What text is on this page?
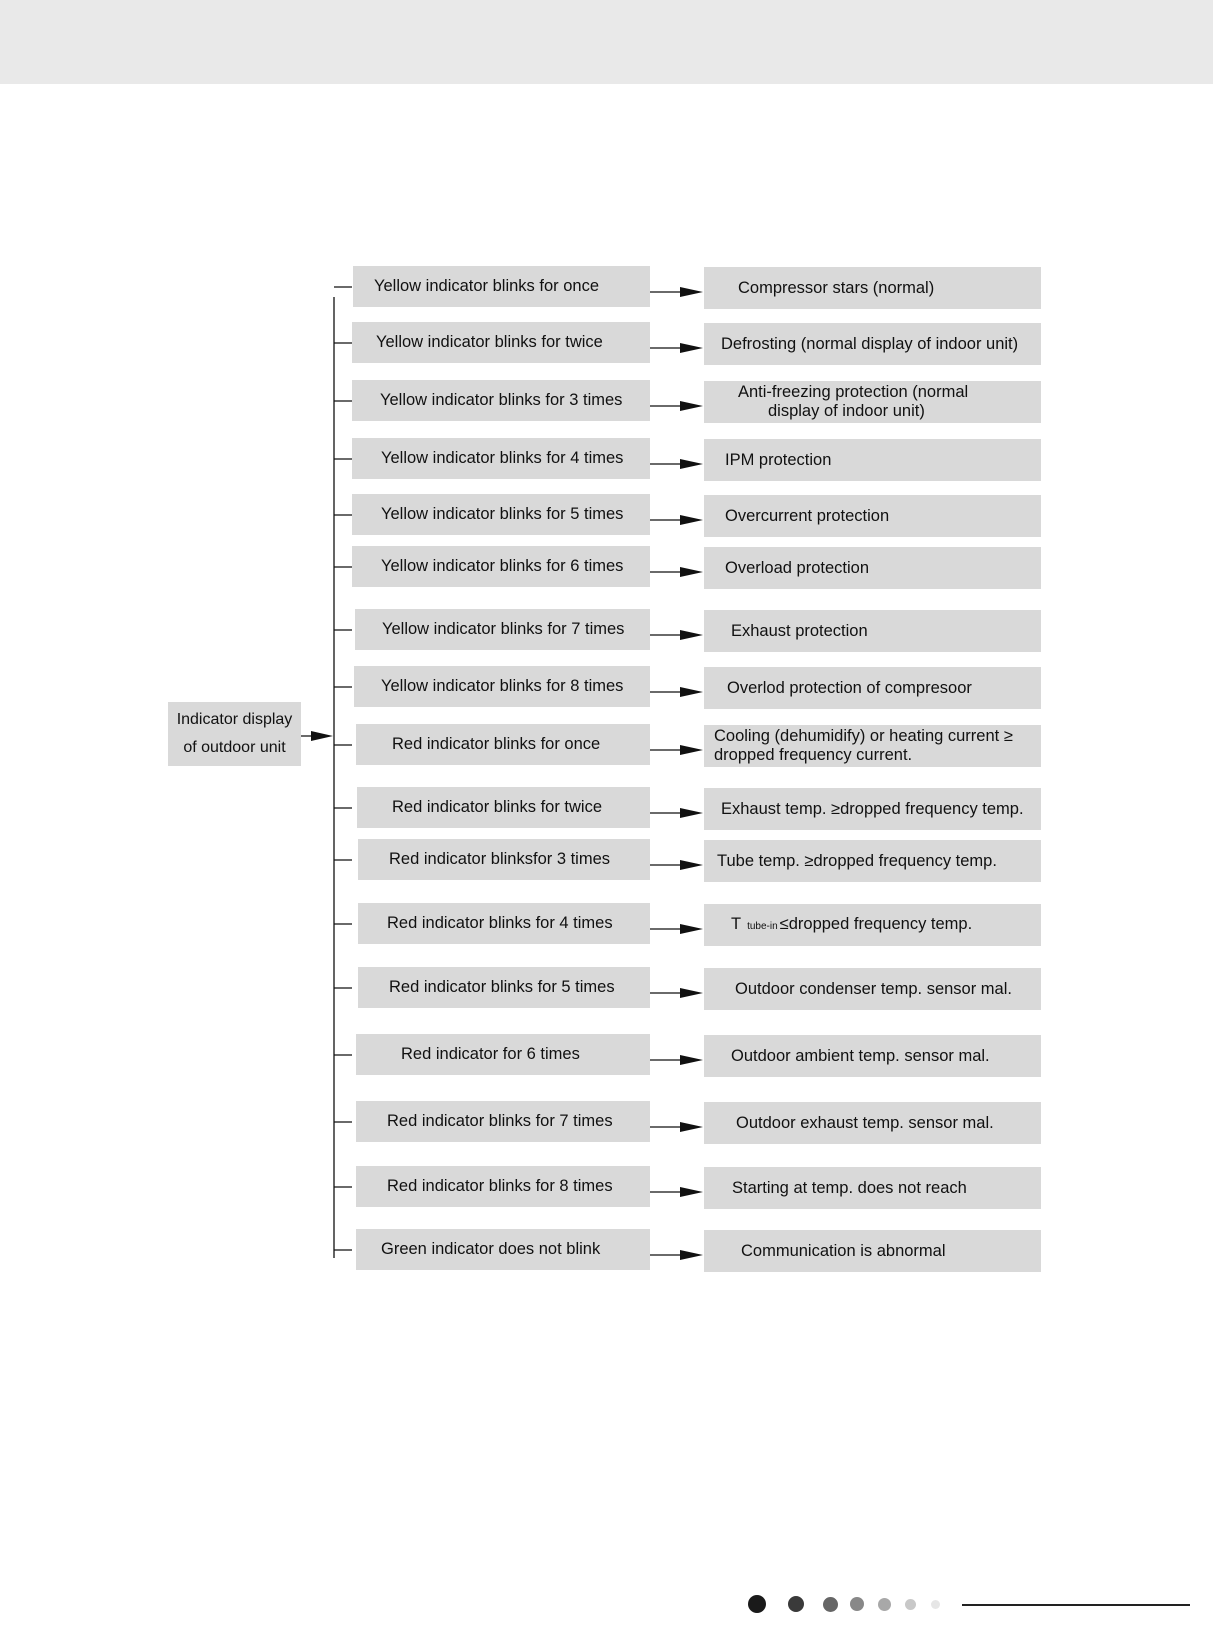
Indicator display
of outdoor unit
Yellow indicator blinks for once	Compressor stars (normal)
Yellow indicator blinks for twice	Defrosting (normal display of indoor unit)
Yellow indicator blinks for 3 times	Anti-freezing protection (normal
display of indoor unit)
Yellow indicator blinks for 4 times	IPM protection
Yellow indicator blinks for 5 times	Overcurrent protection
Yellow indicator blinks for 6 times	Overload protection
Yellow indicator blinks for 7 times	Exhaust protection
Yellow indicator blinks for 8 times	Overlod protection of compresoor
Red indicator blinks for once	Cooling (dehumidify) or heating current ≥
dropped frequency current.
Red indicator blinks for twice	Exhaust temp. ≥dropped frequency temp.
Red indicator blinksfor 3 times	Tube temp. ≥dropped frequency temp.
Red indicator blinks for 4 times	Ttube-in ≤dropped frequency temp.
Red indicator blinks for 5 times	Outdoor condenser temp. sensor mal.
Red indicator for 6 times	Outdoor ambient temp. sensor mal.
Red indicator blinks for 7 times	Outdoor exhaust temp. sensor mal.
Red indicator blinks for 8 times	Starting at temp. does not reach
Green indicator does not blink	Communication is abnormal
